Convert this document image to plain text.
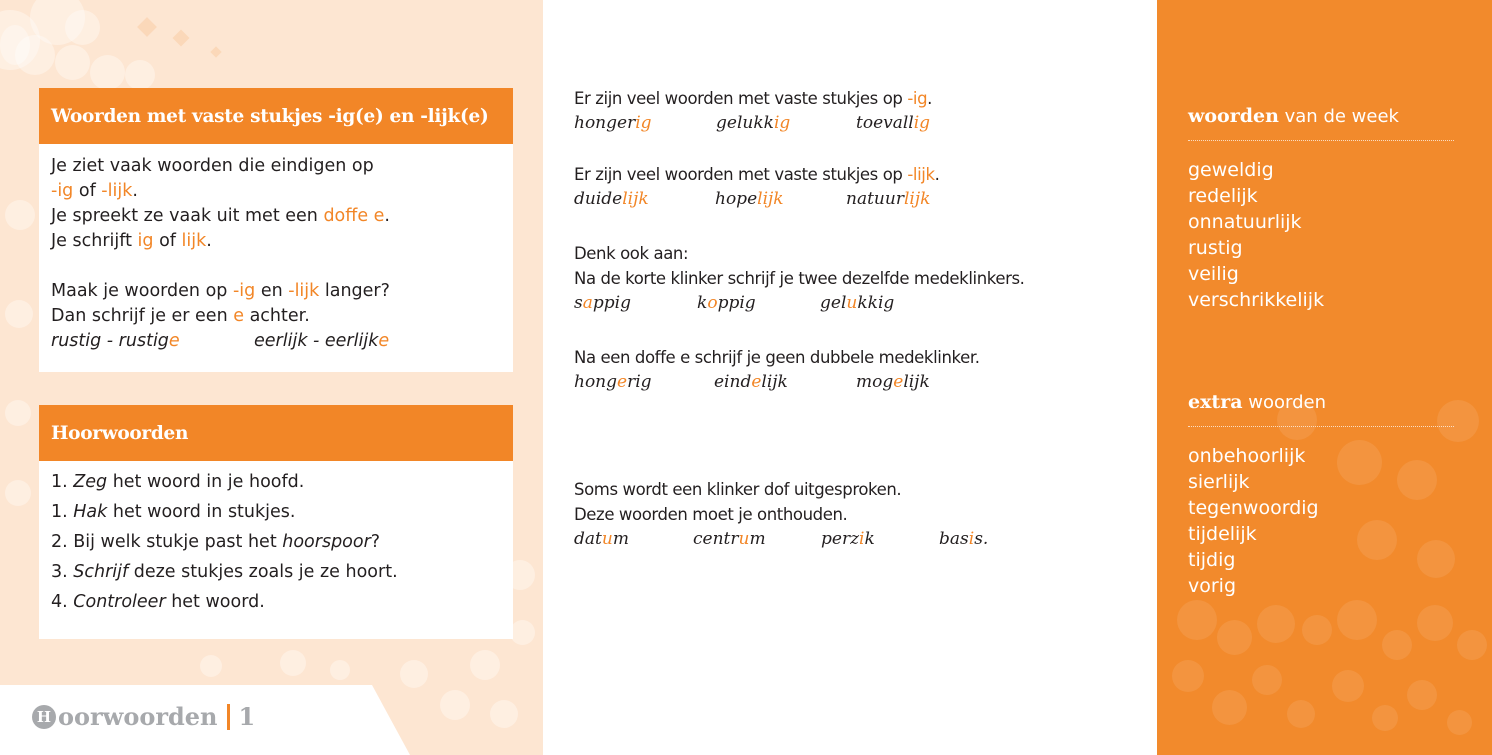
Woorden met vaste stukjes -ig(e) en -lijk(e)
Je ziet vaak woorden die eindigen op
-ig of -lijk.
Je spreekt ze vaak uit met een doffe e.
Je schrijft ig of lijk.
Maak je woorden op -ig en -lijk langer?
Dan schrijf je er een e achter.
rustig - rustige	eerlijk - eerlijke
Hoorwoorden
1. Zeg het woord in je hoofd.
1. Hak het woord in stukjes.
2. Bij welk stukje past het hoorspoor?
3. Schrijf deze stukjes zoals je ze hoort.
4. Controleer het woord.
H oorwoorden 1
Er zijn veel woorden met vaste stukjes op -ig.
hongerig	gelukkig	toevallig
Er zijn veel woorden met vaste stukjes op -lijk.
duidelijk	hopelijk	natuurlijk
Denk ook aan:
Na de korte klinker schrijf je twee dezelfde medeklinkers.
sappig	koppig	gelukkig
Na een doffe e schrijf je geen dubbele medeklinker.
hongerig	eindelijk	mogelijk
Soms wordt een klinker dof uitgesproken.
Deze woorden moet je onthouden.
datum	centrum	perzik	basis.
woorden van de week
geweldig
redelijk
onnatuurlijk
rustig
veilig
verschrikkelijk
extra woorden
onbehoorlijk
sierlijk
tegenwoordig
tijdelijk
tijdig
vorig
